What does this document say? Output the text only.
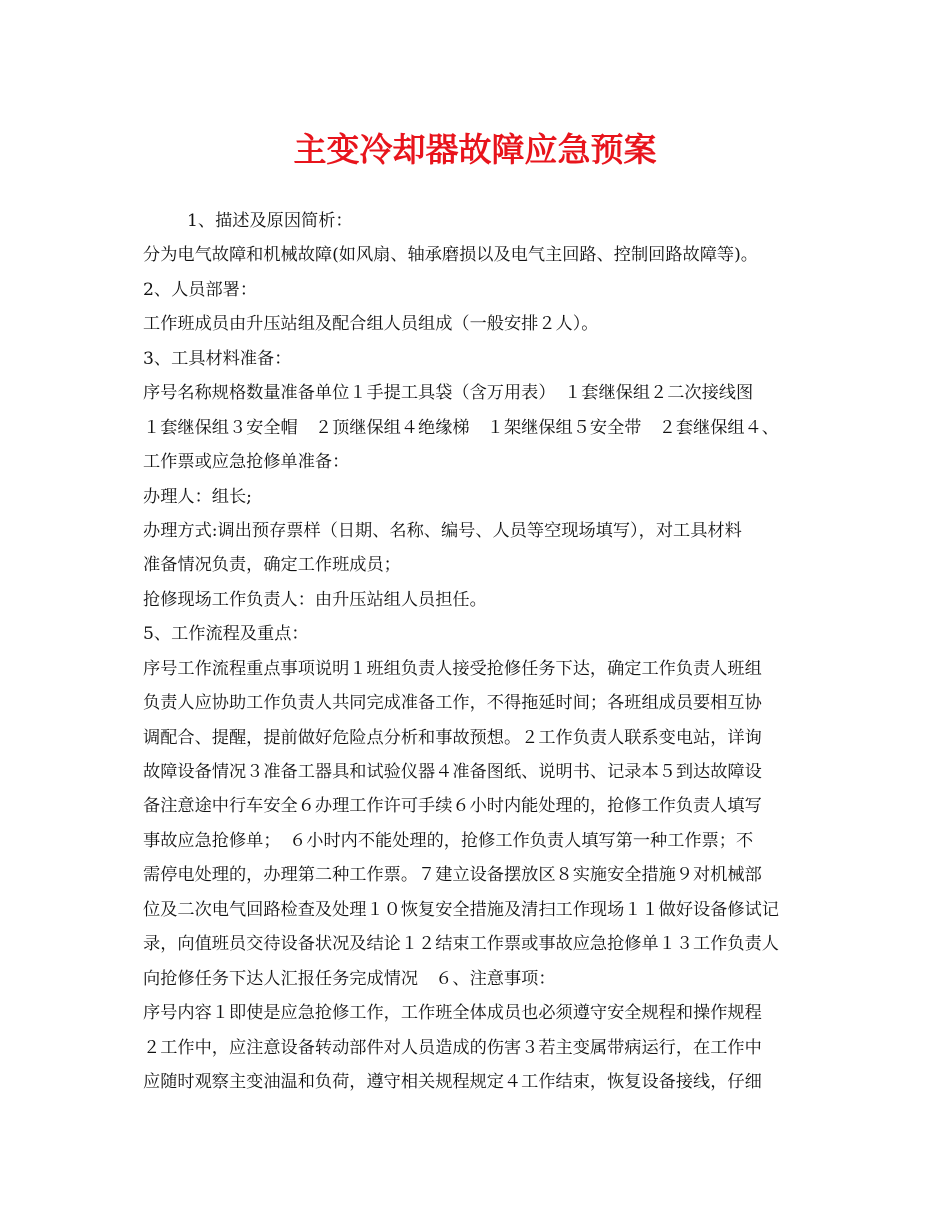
主变冷却器故障应急预案
1、描述及原因简析：
分为电气故障和机械故障(如风扇、轴承磨损以及电气主回路、控制回路故障等)。
2、人员部署：
工作班成员由升压站组及配合组人员组成（一般安排２人）。
3、工具材料准备：
序号名称规格数量准备单位１手提工具袋（含万用表）　１套继保组２二次接线图
１套继保组３安全帽　２顶继保组４绝缘梯　１架继保组５安全带　２套继保组４、
工作票或应急抢修单准备：
办理人：组长;
办理方式:调出预存票样（日期、名称、编号、人员等空现场填写），对工具材料
准备情况负责，确定工作班成员；
抢修现场工作负责人：由升压站组人员担任。
5、工作流程及重点：
序号工作流程重点事项说明１班组负责人接受抢修任务下达，确定工作负责人班组
负责人应协助工作负责人共同完成准备工作，不得拖延时间；各班组成员要相互协
调配合、提醒，提前做好危险点分析和事故预想。２工作负责人联系变电站，详询
故障设备情况３准备工器具和试验仪器４准备图纸、说明书、记录本５到达故障设
备注意途中行车安全６办理工作许可手续６小时内能处理的，抢修工作负责人填写
事故应急抢修单；　６小时内不能处理的，抢修工作负责人填写第一种工作票；不
需停电处理的，办理第二种工作票。７建立设备摆放区８实施安全措施９对机械部
位及二次电气回路检查及处理１０恢复安全措施及清扫工作现场１１做好设备修试记
录，向值班员交待设备状况及结论１２结束工作票或事故应急抢修单１３工作负责人
向抢修任务下达人汇报任务完成情况　６、注意事项：
序号内容１即使是应急抢修工作，工作班全体成员也必须遵守安全规程和操作规程
２工作中，应注意设备转动部件对人员造成的伤害３若主变属带病运行，在工作中
应随时观察主变油温和负荷，遵守相关规程规定４工作结束，恢复设备接线，仔细
